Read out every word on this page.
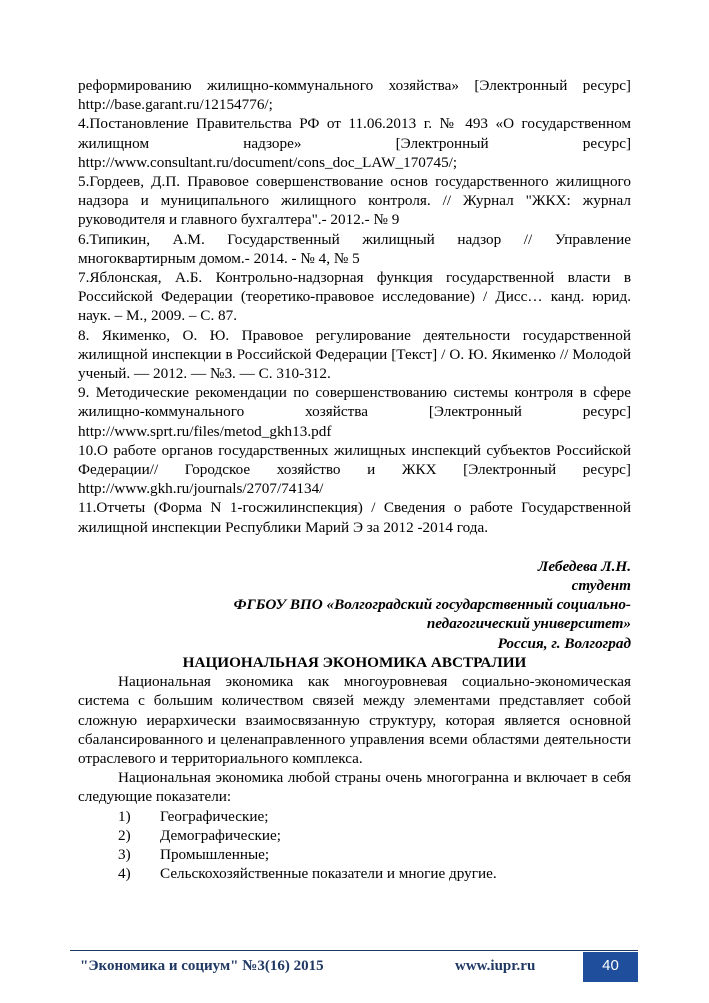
реформированию жилищно-коммунального хозяйства» [Электронный ресурс] http://base.garant.ru/12154776/;

4.Постановление Правительства РФ от 11.06.2013 г. № 493 «О государственном жилищном надзоре» [Электронный ресурс] http://www.consultant.ru/document/cons_doc_LAW_170745/;

5.Гордеев, Д.П. Правовое совершенствование основ государственного жилищного надзора и муниципального жилищного контроля. // Журнал "ЖКХ: журнал руководителя и главного бухгалтера".- 2012.- № 9

6.Типикин, А.М. Государственный жилищный надзор // Управление многоквартирным домом.- 2014. - № 4, № 5

7.Яблонская, А.Б. Контрольно-надзорная функция государственной власти в Российской Федерации (теоретико-правовое исследование) / Дисс… канд. юрид. наук. – М., 2009. – С. 87.

8. Якименко, О. Ю. Правовое регулирование деятельности государственной жилищной инспекции в Российской Федерации [Текст] / О. Ю. Якименко // Молодой ученый. — 2012. — №3. — С. 310-312.

9. Методические рекомендации по совершенствованию системы контроля в сфере жилищно-коммунального хозяйства [Электронный ресурс] http://www.sprt.ru/files/metod_gkh13.pdf

10.О работе органов государственных жилищных инспекций субъектов Российской Федерации// Городское хозяйство и ЖКХ [Электронный ресурс] http://www.gkh.ru/journals/2707/74134/

11.Отчеты (Форма N 1-госжилинспекция) / Сведения о работе Государственной жилищной инспекции Республики Марий Э за 2012 -2014 года.

Лебедева Л.Н.

студент

ФГБОУ ВПО «Волгоградский государственный социально-

педагогический университет»

Россия, г. Волгоград

НАЦИОНАЛЬНАЯ ЭКОНОМИКА АВСТРАЛИИ

Национальная экономика как многоуровневая социально-экономическая система с большим количеством связей между элементами представляет собой сложную иерархически взаимосвязанную структуру, которая является основной сбалансированного и целенаправленного управления всеми областями деятельности отраслевого и территориального комплекса.

Национальная экономика любой страны очень многогранна и включает в себя следующие показатели:

1)	Географические;
2)	Демографические;
3)	Промышленные;
4)	Сельскохозяйственные показатели и многие другие.
"Экономика и социум" №3(16) 2015	www.iupr.ru	40
